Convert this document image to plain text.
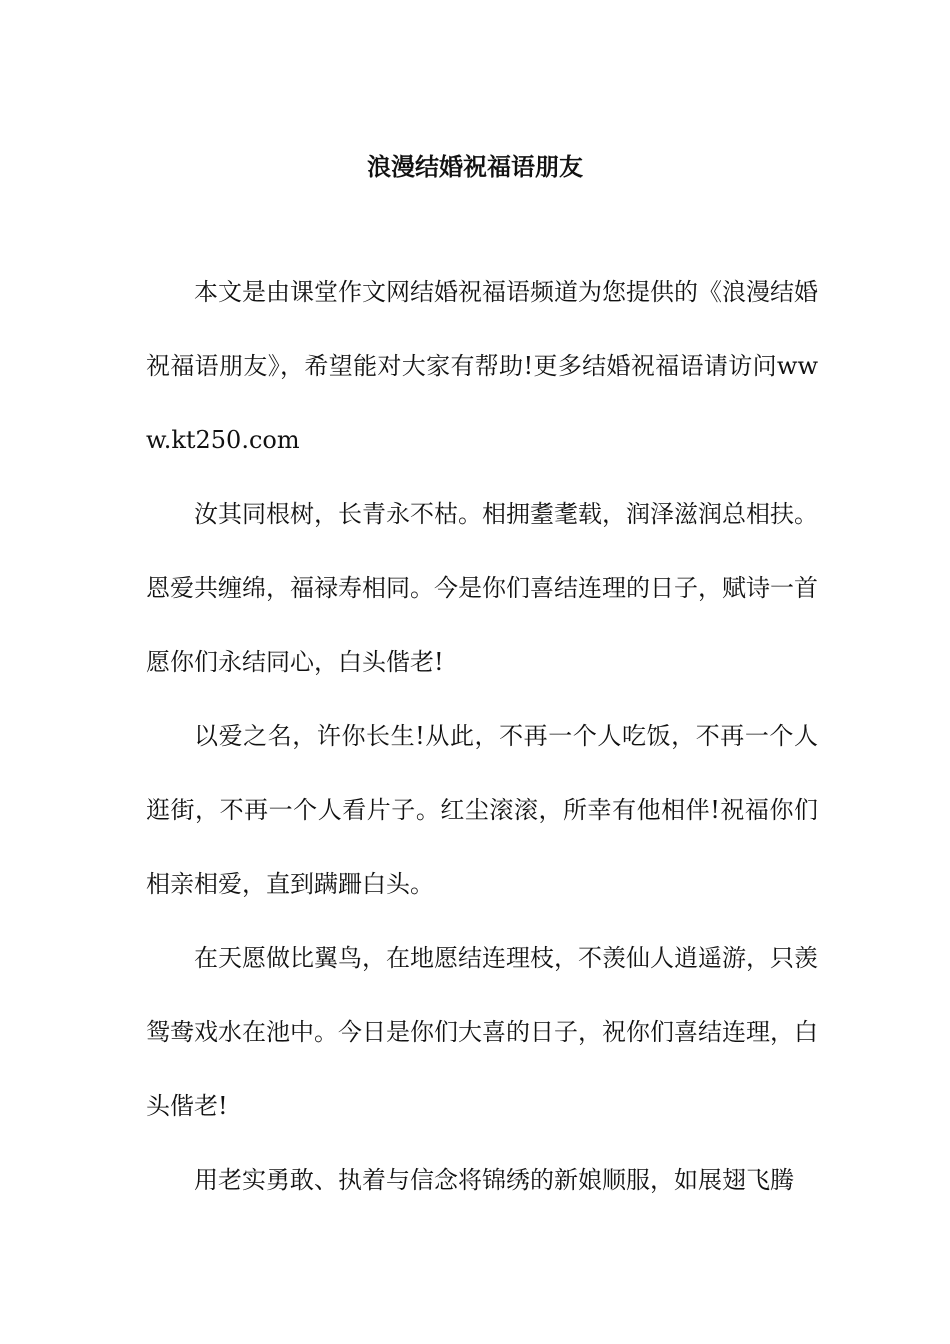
浪漫结婚祝福语朋友

本文是由课堂作文网结婚祝福语频道为您提供的《浪漫结婚祝福语朋友》，希望能对大家有帮助!更多结婚祝福语请访问www.kt250.com

汝其同根树，长青永不枯。相拥耋耄载，润泽滋润总相扶。恩爱共缠绵，福禄寿相同。今是你们喜结连理的日子，赋诗一首愿你们永结同心，白头偕老!

以爱之名，许你长生!从此，不再一个人吃饭，不再一个人逛街，不再一个人看片子。红尘滚滚，所幸有他相伴!祝福你们相亲相爱，直到蹒跚白头。

在天愿做比翼鸟，在地愿结连理枝，不羡仙人逍遥游，只羡鸳鸯戏水在池中。今日是你们大喜的日子，祝你们喜结连理，白头偕老!

用老实勇敢、执着与信念将锦绣的新娘顺服，如展翅飞腾
